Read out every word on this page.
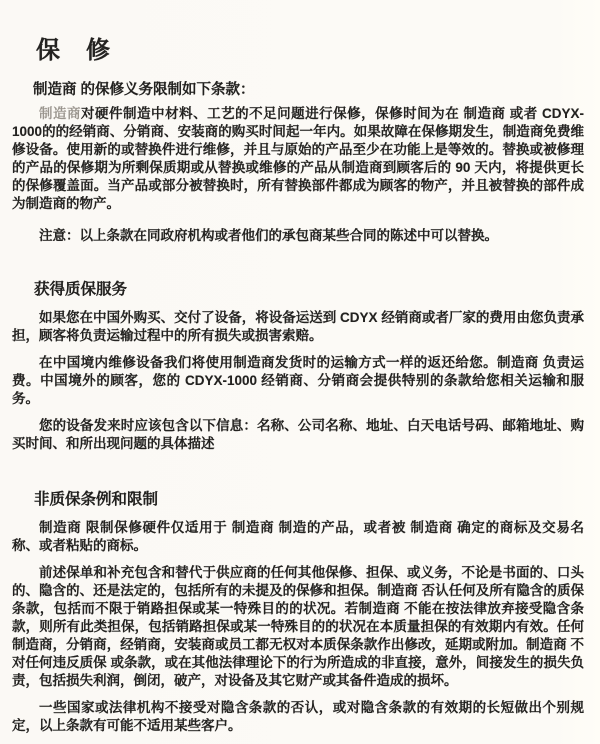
保　修

制造商 的保修义务限制如下条款：

制造商对硬件制造中材料、工艺的不足问题进行保修，保修时间为在 制造商 或者 CDYX- 1000的的经销商、分销商、安装商的购买时间起一年内。如果故障在保修期发生，制造商免费维修设备。使用新的或替换件进行维修，并且与原始的产品至少在功能上是等效的。替换或被修理的产品的保修期为所剩保质期或从替换或维修的产品从制造商到顾客后的 90 天内，将提供更长的保修覆盖面。当产品或部分被替换时，所有替换部件都成为顾客的物产，并且被替换的部件成为制造商的物产。

注意：以上条款在同政府机构或者他们的承包商某些合同的陈述中可以替换。

获得质保服务

如果您在中国外购买、交付了设备，将设备运送到 CDYX 经销商或者厂家的费用由您负责承担，顾客将负责运输过程中的所有损失或损害索赔。

在中国境内维修设备我们将使用制造商发货时的运输方式一样的返还给您。制造商 负责运费。中国境外的顾客，您的 CDYX-1000 经销商、分销商会提供特别的条款给您相关运输和服务。

您的设备发来时应该包含以下信息：名称、公司名称、地址、白天电话号码、邮箱地址、购买时间、和所出现问题的具体描述

非质保条例和限制

制造商 限制保修硬件仅适用于 制造商 制造的产品，或者被 制造商 确定的商标及交易名称、或者粘贴的商标。

前述保单和补充包含和替代于供应商的任何其他保修、担保、或义务，不论是书面的、口头的、隐含的、还是法定的，包括所有的未提及的保修和担保。制造商 否认任何及所有隐含的质保条款，包括而不限于销路担保或某一特殊目的的状况。若制造商 不能在按法律放弃接受隐含条款，则所有此类担保，包括销路担保或某一特殊目的的状况在本质量担保的有效期内有效。任何制造商，分销商，经销商，安装商或员工都无权对本质保条款作出修改，延期或附加。制造商 不对任何违反质保 或条款，或在其他法律理论下的行为所造成的非直接，意外，间接发生的损失负责，包括损失利润，倒闭，破产，对设备及其它财产或其备件造成的损坏。

一些国家或法律机构不接受对隐含条款的否认，或对隐含条款的有效期的长短做出个别规定，以上条款有可能不适用某些客户。
